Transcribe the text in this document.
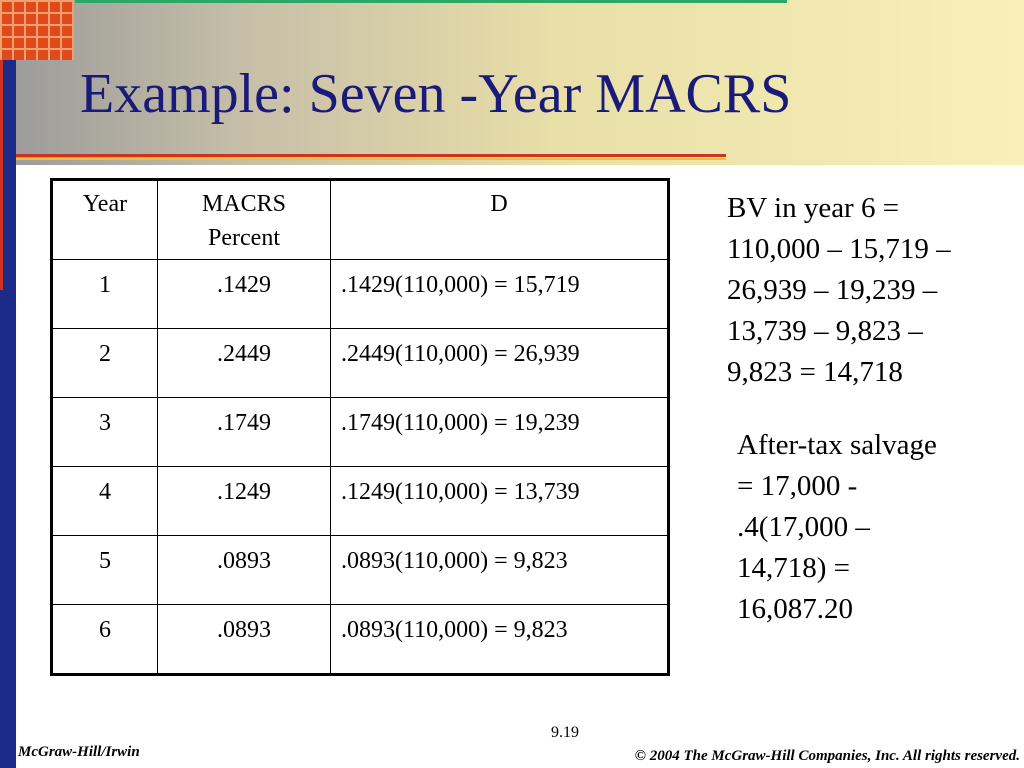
Example: Seven -Year MACRS
Year	MACRS Percent	D
1	.1429	.1429(110,000) = 15,719
2	.2449	.2449(110,000) = 26,939
3	.1749	.1749(110,000) = 19,239
4	.1249	.1249(110,000) = 13,739
5	.0893	.0893(110,000) = 9,823
6	.0893	.0893(110,000) = 9,823
BV in year 6 =
110,000 – 15,719 –
26,939 – 19,239 –
13,739 – 9,823 –
9,823 = 14,718
After-tax salvage
= 17,000 -
.4(17,000 –
14,718) =
16,087.20
9.19
McGraw-Hill/Irwin	© 2004 The McGraw-Hill Companies, Inc. All rights reserved.
